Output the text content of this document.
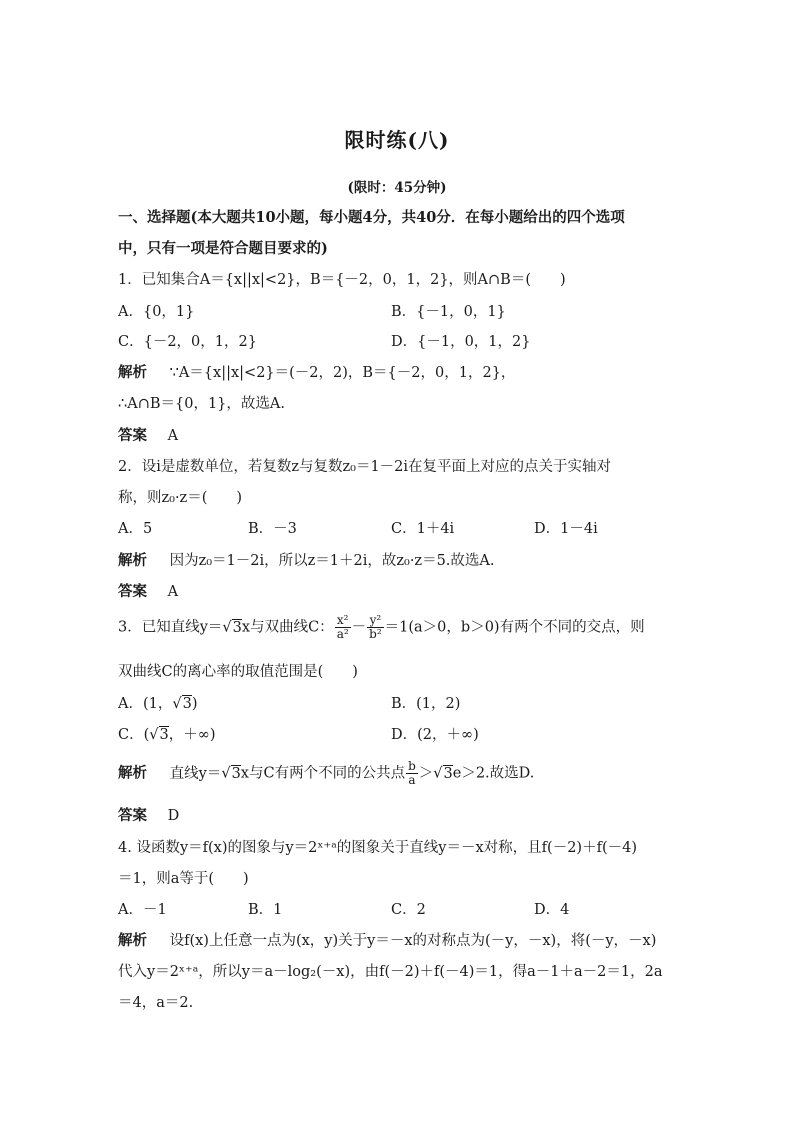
限时练(八)
(限时：45分钟)
一、选择题(本大题共10小题，每小题4分，共40分．在每小题给出的四个选项
中，只有一项是符合题目要求的)
1．已知集合A＝{x||x|<2}，B＝{－2，0，1，2}，则A∩B＝(　　)
A．{0，1}	B．{－1，0，1}
C．{－2，0，1，2}	D．{－1，0，1，2}
解析 ∵A＝{x||x|<2}＝(－2，2)，B＝{－2，0，1，2}，
∴A∩B＝{0，1}，故选A.
答案 A
2．设i是虚数单位，若复数z与复数z₀＝1－2i在复平面上对应的点关于实轴对
称，则z₀·z＝(　　)
A．5	B．－3	C．1＋4i	D．1－4i
解析 因为z₀＝1－2i，所以z＝1＋2i，故z₀·z＝5.故选A.
答案 A
3．已知直线y＝√3x与双曲线C： $\frac{\text{x²}}{\text{a²}} - \frac{\text{y²}}{\text{b²}} =1(a>0$，b＞0)有两个不同的交点，则
双曲线C的离心率的取值范围是(　　)
A．(1，√3)	B．(1，2)
C．(√3，＋∞)	D．(2，＋∞)
解析 直线y＝√3x与C有两个不同的公共点 $\frac{b}{a} >√3e>2$.故选D.
答案 D
4. 设函数y＝f(x)的图象与y＝2ˣ⁺ᵃ的图象关于直线y＝－x对称，且f(－2)＋f(－4)
＝1，则a等于(　　)
A．－1	B．1	C．2	D．4
解析 设f(x)上任意一点为(x，y)关于y＝－x的对称点为(－y，－x)，将(－y，－x)
代入y＝2ˣ⁺ᵃ，所以y＝a－log₂(－x)，由f(－2)＋f(－4)＝1，得a－1＋a－2＝1，2a
＝4，a＝2.
